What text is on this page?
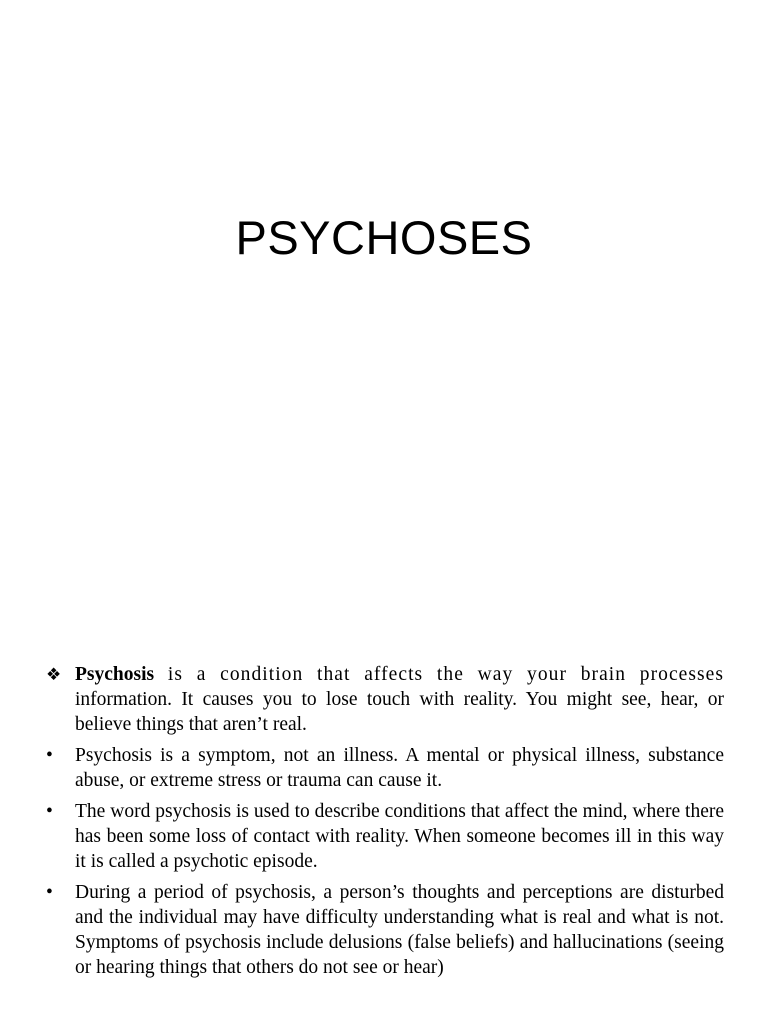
PSYCHOSES
❖ Psychosis is a condition that affects the way your brain processes information. It causes you to lose touch with reality. You might see, hear, or believe things that aren’t real.
•	Psychosis is a symptom, not an illness. A mental or physical illness, substance abuse, or extreme stress or trauma can cause it.
•	The word psychosis is used to describe conditions that affect the mind, where there has been some loss of contact with reality. When someone becomes ill in this way it is called a psychotic episode.
•	During a period of psychosis, a person’s thoughts and perceptions are disturbed and the individual may have difficulty understanding what is real and what is not. Symptoms of psychosis include delusions (false beliefs) and hallucinations (seeing or hearing things that others do not see or hear)
